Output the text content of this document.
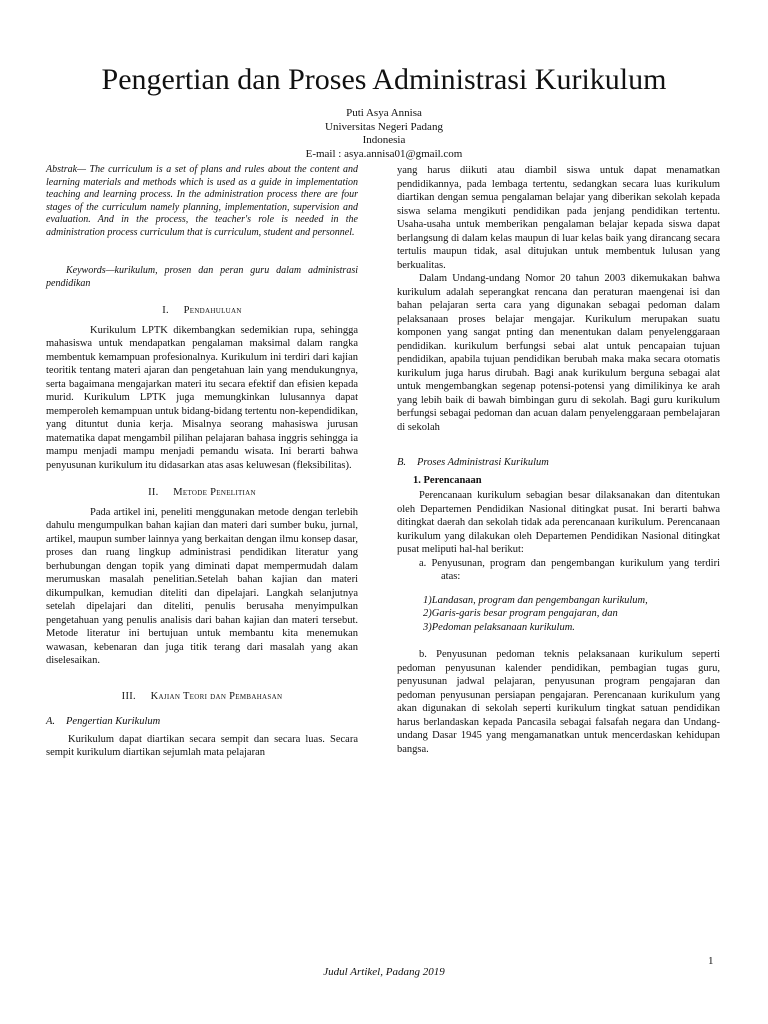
Pengertian dan Proses Administrasi Kurikulum
Puti Asya Annisa
Universitas Negeri Padang
Indonesia
E-mail : asya.annisa01@gmail.com

Abstrak— The curriculum is a set of plans and rules about the content and learning materials and methods which is used as a guide in implementation teaching and learning process. In the administration process there are four stages of the curriculum namely planning, implementation, supervision and evaluation. And in the process, the teacher's role is needed in the administration process curriculum that is curriculum, student and personnel.

Keywords—kurikulum, prosen dan peran guru dalam administrasi pendidikan

I. Pendahuluan

Kurikulum LPTK dikembangkan sedemikian rupa, sehingga mahasiswa untuk mendapatkan pengalaman maksimal dalam rangka membentuk kemampuan profesionalnya. Kurikulum ini terdiri dari kajian teoritik tentang materi ajaran dan pengetahuan lain yang mendukungnya, serta bagaimana mengajarkan materi itu secara efektif dan efisien kepada murid. Kurikulum LPTK juga memungkinkan lulusannya dapat memperoleh kemampuan untuk bidang-bidang tertentu non-kependidikan, yang dituntut dunia kerja. Misalnya seorang mahasiswa jurusan matematika dapat mengambil pilihan pelajaran bahasa inggris sehingga ia mampu menjadi mampu menjadi pemandu wisata. Ini berarti bahwa penyusunan kurikulum itu didasarkan atas asas keluwesan (fleksibilitas).

II. Metode Penelitian

Pada artikel ini, peneliti menggunakan metode dengan terlebih dahulu mengumpulkan bahan kajian dan materi dari sumber buku, jurnal, artikel, maupun sumber lainnya yang berkaitan dengan ilmu konsep dasar, proses dan ruang lingkup administrasi pendidikan literatur yang berhubungan dengan topik yang diminati dapat mempermudah dalam merumuskan masalah penelitian.Setelah bahan kajian dan materi dikumpulkan, kemudian diteliti dan dipelajari. Langkah selanjutnya setelah dipelajari dan diteliti, penulis berusaha menyimpulkan pengetahuan yang penulis analisis dari bahan kajian dan materi tersebut. Metode literatur ini bertujuan untuk membantu kita menemukan wawasan, kebenaran dan juga titik terang dari masalah yang akan diselesaikan.

III. Kajian Teori dan Pembahasan
A. Pengertian Kurikulum

Kurikulum dapat diartikan secara sempit dan secara luas. Secara sempit kurikulum diartikan sejumlah mata pelajaran

yang harus diikuti atau diambil siswa untuk dapat menamatkan pendidikannya, pada lembaga tertentu, sedangkan secara luas kurikulum diartikan dengan semua pengalaman belajar yang diberikan sekolah kepada siswa selama mengikuti pendidikan pada jenjang pendidikan tertentu. Usaha-usaha untuk memberikan pengalaman belajar kepada siswa dapat berlangsung di dalam kelas maupun di luar kelas baik yang dirancang secara tertulis maupun tidak, asal ditujukan untuk membentuk lulusan yang berkualitas.

Dalam Undang-undang Nomor 20 tahun 2003 dikemukakan bahwa kurikulum adalah seperangkat rencana dan peraturan maengenai isi dan bahan pelajaran serta cara yang digunakan sebagai pedoman dalam pelaksanaan proses belajar mengajar. Kurikulum merupakan suatu komponen yang sangat pnting dan menentukan dalam penyelenggaraan pendidikan. kurikulum berfungsi sebai alat untuk pencapaian tujuan pendidikan, apabila tujuan pendidikan berubah maka maka secara otomatis kurikulum juga harus dirubah. Bagi anak kurikulum berguna sebagai alat untuk mengembangkan segenap potensi-potensi yang dimilikinya ke arah yang lebih baik di bawah bimbingan guru di sekolah. Bagi guru kurikulum berfungsi sebagai pedoman dan acuan dalam penyelenggaraan pembelajaran di sekolah

B. Proses Administrasi Kurikulum
1. Perencanaan

Perencanaan kurikulum sebagian besar dilaksanakan dan ditentukan oleh Departemen Pendidikan Nasional ditingkat pusat. Ini berarti bahwa ditingkat daerah dan sekolah tidak ada perencanaan kurikulum. Perencanaan kurikulum yang dilakukan oleh Departemen Pendidikan Nasional ditingkat pusat meliputi hal-hal berikut:

a. Penyusunan, program dan pengembangan kurikulum yang terdiri atas:

1)Landasan, program dan pengembangan kurikulum,
2)Garis-garis besar program pengajaran, dan
3)Pedoman pelaksanaan kurikulum.

b. Penyusunan pedoman teknis pelaksanaan kurikulum seperti pedoman penyusunan kalender pendidikan, pembagian tugas guru, penyusunan jadwal pelajaran, penyusunan program pengajaran dan pedoman penyusunan persiapan pengajaran. Perencanaan kurikulum yang akan digunakan di sekolah seperti kurikulum tingkat satuan pendidikan harus berlandaskan kepada Pancasila sebagai falsafah negara dan Undang-undang Dasar 1945 yang mengamanatkan untuk mencerdaskan kehidupan bangsa.

1
Judul Artikel, Padang 2019
